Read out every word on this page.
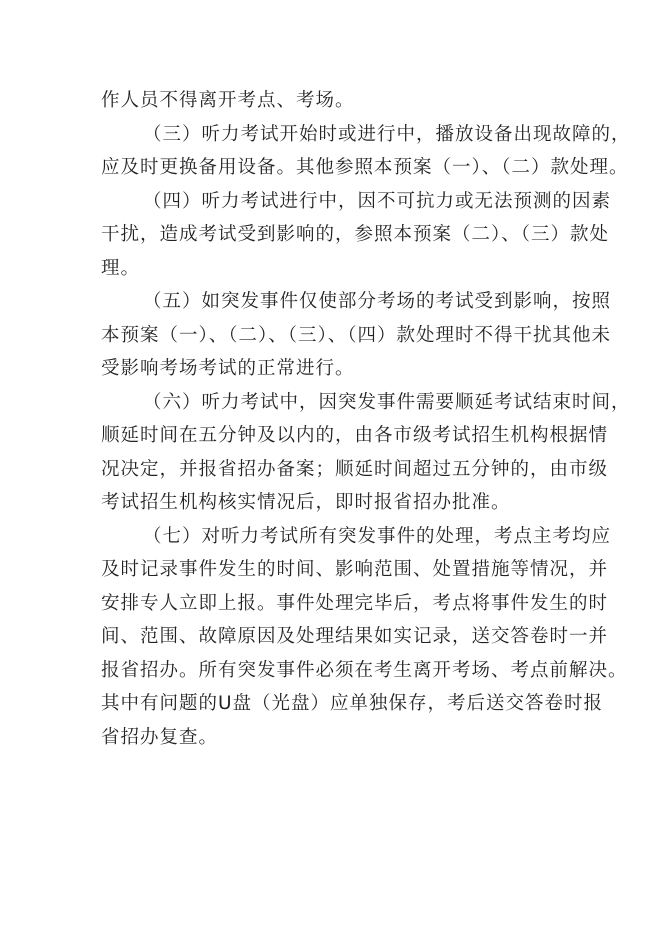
作人员不得离开考点、考场。
（三）听力考试开始时或进行中，播放设备出现故障的，
应及时更换备用设备。其他参照本预案（一）、（二）款处理。
（四）听力考试进行中，因不可抗力或无法预测的因素
干扰，造成考试受到影响的，参照本预案（二）、（三）款处
理。
（五）如突发事件仅使部分考场的考试受到影响，按照
本预案（一）、（二）、（三）、（四）款处理时不得干扰其他未
受影响考场考试的正常进行。
（六）听力考试中，因突发事件需要顺延考试结束时间，
顺延时间在五分钟及以内的，由各市级考试招生机构根据情
况决定，并报省招办备案；顺延时间超过五分钟的，由市级
考试招生机构核实情况后，即时报省招办批准。
（七）对听力考试所有突发事件的处理，考点主考均应
及时记录事件发生的时间、影响范围、处置措施等情况，并
安排专人立即上报。事件处理完毕后，考点将事件发生的时
间、范围、故障原因及处理结果如实记录，送交答卷时一并
报省招办。所有突发事件必须在考生离开考场、考点前解决。
其中有问题的U盘（光盘）应单独保存，考后送交答卷时报
省招办复查。
